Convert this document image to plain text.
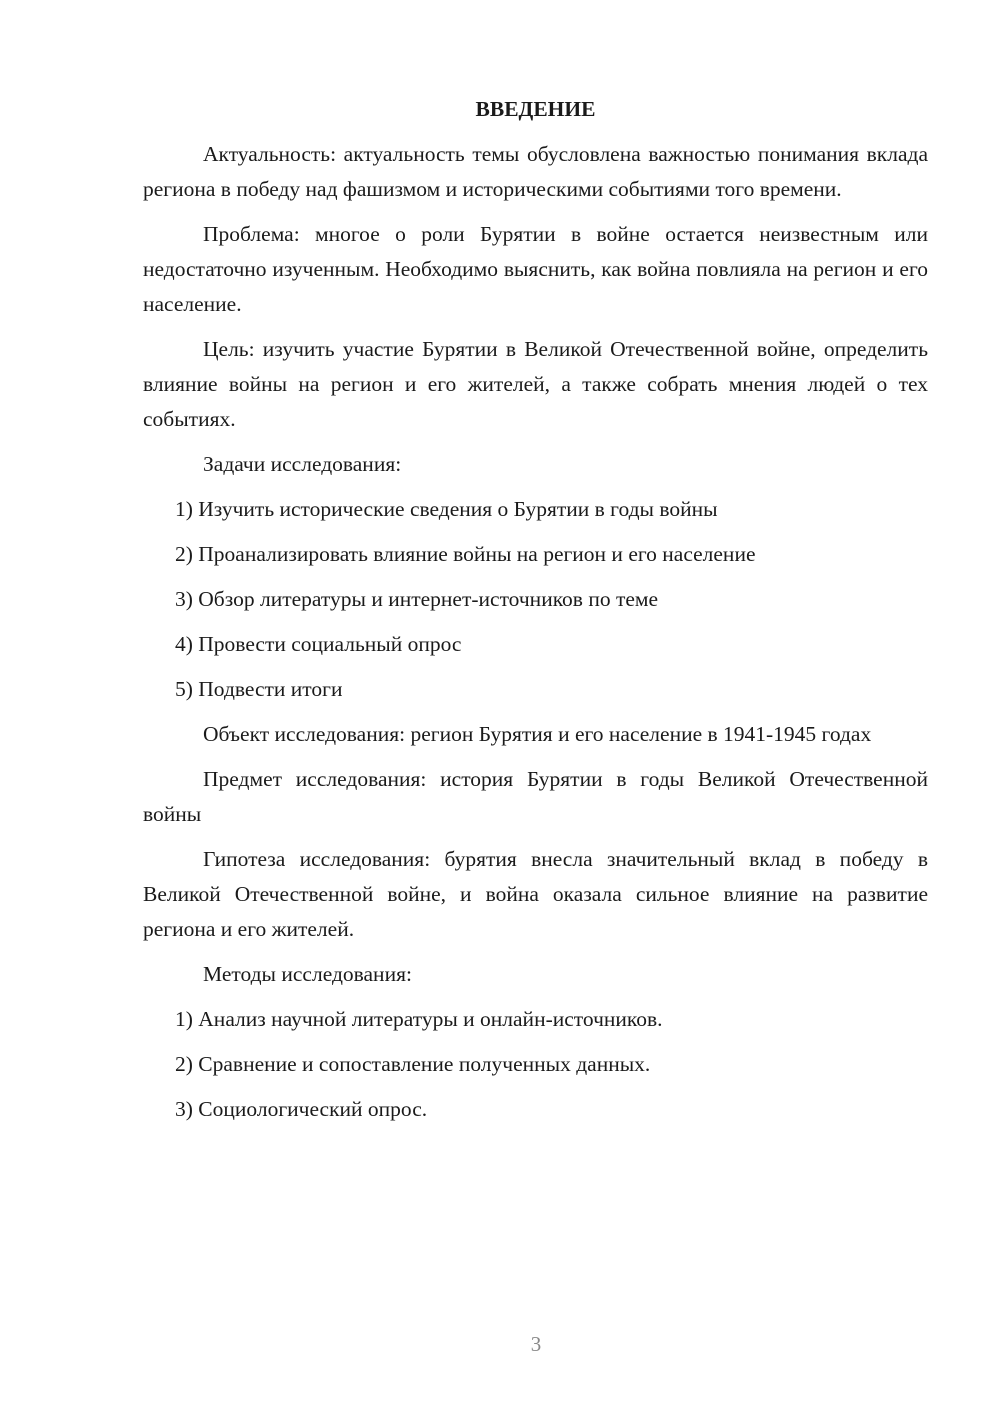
ВВЕДЕНИЕ

Актуальность: актуальность темы обусловлена важностью понимания вклада региона в победу над фашизмом и историческими событиями того времени.

Проблема: многое о роли Бурятии в войне остается неизвестным или недостаточно изученным. Необходимо выяснить, как война повлияла на регион и его население.

Цель: изучить участие Бурятии в Великой Отечественной войне, определить влияние войны на регион и его жителей, а также собрать мнения людей о тех событиях.

Задачи исследования:

1) Изучить исторические сведения о Бурятии в годы войны

2) Проанализировать влияние войны на регион и его население

3) Обзор литературы и интернет-источников по теме

4) Провести социальный опрос

5) Подвести итоги

Объект исследования: регион Бурятия и его население в 1941-1945 годах

Предмет исследования: история Бурятии в годы Великой Отечественной войны

Гипотеза исследования: бурятия внесла значительный вклад в победу в Великой Отечественной войне, и война оказала сильное влияние на развитие региона и его жителей.

Методы исследования:

1) Анализ научной литературы и онлайн-источников.

2) Сравнение и сопоставление полученных данных.

3) Социологический опрос.

3
